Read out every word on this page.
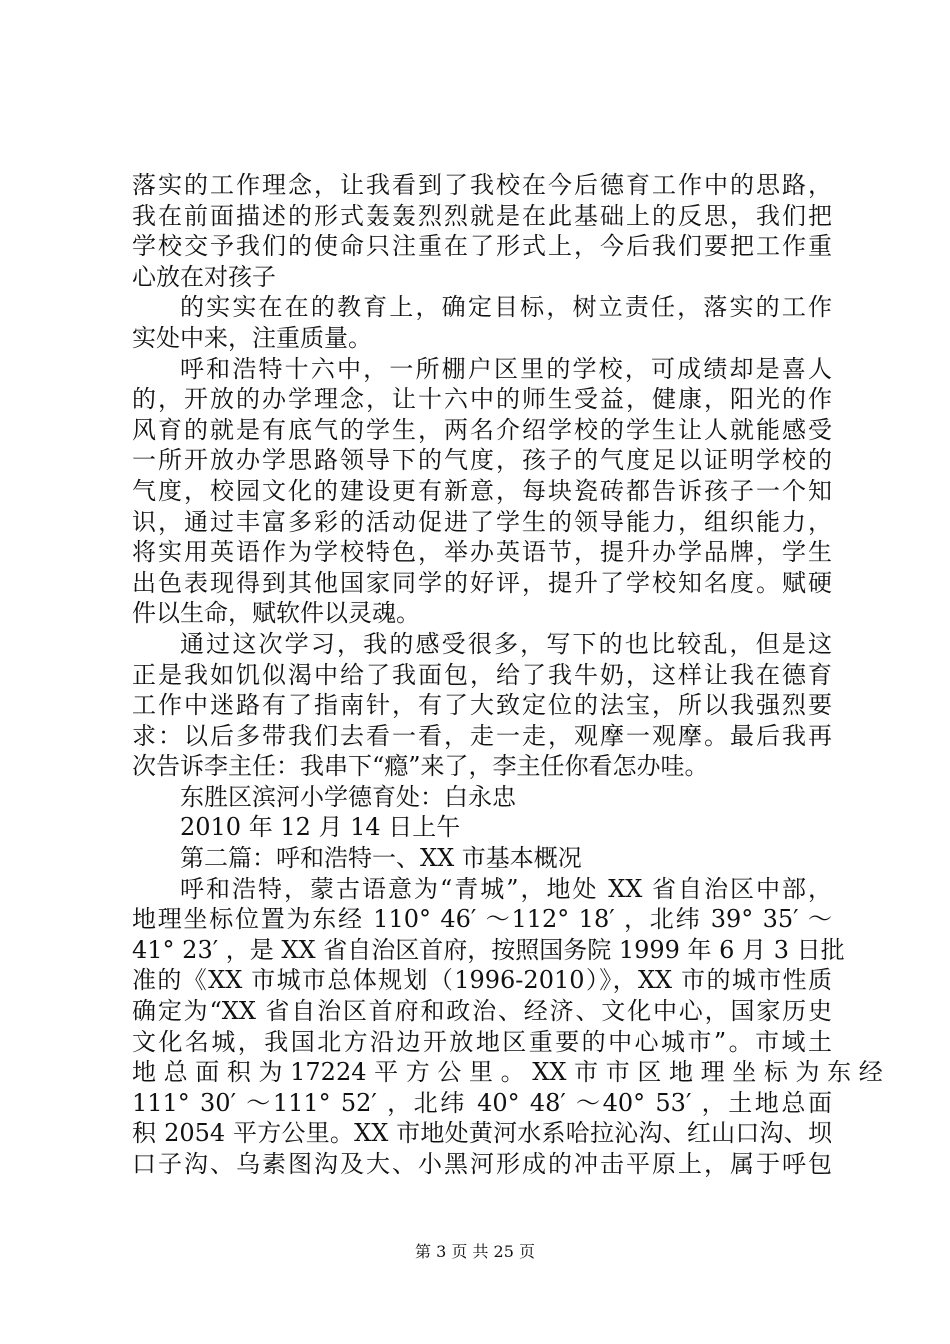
落实的工作理念，让我看到了我校在今后德育工作中的思路，
我在前面描述的形式轰轰烈烈就是在此基础上的反思，我们把
学校交予我们的使命只注重在了形式上，今后我们要把工作重
心放在对孩子
的实实在在的教育上，确定目标，树立责任，落实的工作
实处中来，注重质量。
呼和浩特十六中，一所棚户区里的学校，可成绩却是喜人
的，开放的办学理念，让十六中的师生受益，健康，阳光的作
风育的就是有底气的学生，两名介绍学校的学生让人就能感受
一所开放办学思路领导下的气度，孩子的气度足以证明学校的
气度，校园文化的建设更有新意，每块瓷砖都告诉孩子一个知
识，通过丰富多彩的活动促进了学生的领导能力，组织能力，
将实用英语作为学校特色，举办英语节，提升办学品牌，学生
出色表现得到其他国家同学的好评，提升了学校知名度。赋硬
件以生命，赋软件以灵魂。
通过这次学习，我的感受很多，写下的也比较乱，但是这
正是我如饥似渴中给了我面包，给了我牛奶，这样让我在德育
工作中迷路有了指南针，有了大致定位的法宝，所以我强烈要
求：以后多带我们去看一看，走一走，观摩一观摩。最后我再
次告诉李主任：我串下“瘾”来了，李主任你看怎办哇。
东胜区滨河小学德育处：白永忠
2010 年 12 月 14 日上午
第二篇：呼和浩特一、XX 市基本概况
呼和浩特，蒙古语意为“青城”，地处 XX 省自治区中部，
地理坐标位置为东经 110° 46′ ～112° 18′ ，北纬 39° 35′ ～
41° 23′ ，是 XX 省自治区首府，按照国务院 1999 年 6 月 3 日批
准的《XX 市城市总体规划（1996-2010）》，XX 市的城市性质
确定为“XX 省自治区首府和政治、经济、文化中心，国家历史
文化名城，我国北方沿边开放地区重要的中心城市”。市域土
地 总 面 积 为 17224 平 方 公 里 。 XX 市 市 区 地 理 坐 标 为 东 经
111° 30′ ～111° 52′ ，北纬 40° 48′ ～40° 53′ ，土地总面
积 2054 平方公里。XX 市地处黄河水系哈拉沁沟、红山口沟、坝
口子沟、乌素图沟及大、小黑河形成的冲击平原上，属于呼包
第 3 页 共 25 页
